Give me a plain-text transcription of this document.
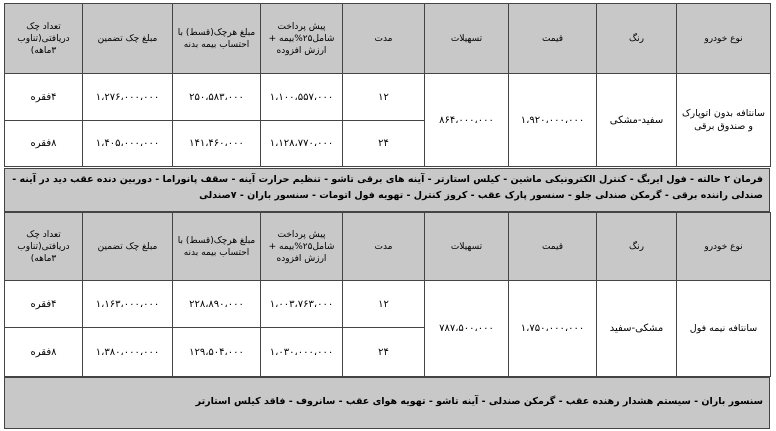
نوع خودرو	رنگ	قیمت	تسهیلات	مدت	پیش پرداخت شامل۲۵%بیمه + ارزش افزوده	مبلغ هرچک(قسط) با احتساب بیمه بدنه	مبلغ چک تضمین	تعداد چک دریافتی(تناوب ۳ماهه)
سانتافه بدون اتوپارک و صندوق برقی	سفید-مشکی	۱،۹۲۰،۰۰۰،۰۰۰	۸۶۴،۰۰۰،۰۰۰	۱۲	۱،۱۰۰،۵۵۷،۰۰۰	۲۵۰،۵۸۳،۰۰۰	۱،۲۷۶،۰۰۰،۰۰۰	۴فقره
				۲۴	۱،۱۲۸،۷۷۰،۰۰۰	۱۴۱،۴۶۰،۰۰۰	۱،۴۰۵،۰۰۰،۰۰۰	۸فقره
فرمان ۲ حالته - فول ایربگ - کنترل الکترونیکی ماشین - کیلس استارتر - آینه های برقی تاشو - تنظیم حرارت آینه - سقف پانوراما - دوربین دنده عقب دید در آینه - صندلی راننده برقی - گرمکن صندلی جلو - سنسور پارک عقب - کروز کنترل - تهویه فول اتومات - سنسور باران - ۷صندلی
نوع خودرو	رنگ	قیمت	تسهیلات	مدت	پیش پرداخت شامل۲۵%بیمه + ارزش افزوده	مبلغ هرچک(قسط) با احتساب بیمه بدنه	مبلغ چک تضمین	تعداد چک دریافتی(تناوب ۳ماهه)
سانتافه نیمه فول	مشکی-سفید	۱،۷۵۰،۰۰۰،۰۰۰	۷۸۷،۵۰۰،۰۰۰	۱۲	۱،۰۰۳،۷۶۳،۰۰۰	۲۲۸،۸۹۰،۰۰۰	۱،۱۶۳،۰۰۰،۰۰۰	۴فقره
				۲۴	۱،۰۳۰،۰۰۰،۰۰۰	۱۲۹،۵۰۴،۰۰۰	۱،۳۸۰،۰۰۰،۰۰۰	۸فقره
سنسور باران - سیستم هشدار رهنده عقب - گرمکن صندلی - آینه تاشو - تهویه هوای عقب - سانروف - فاقد کیلس استارتر
